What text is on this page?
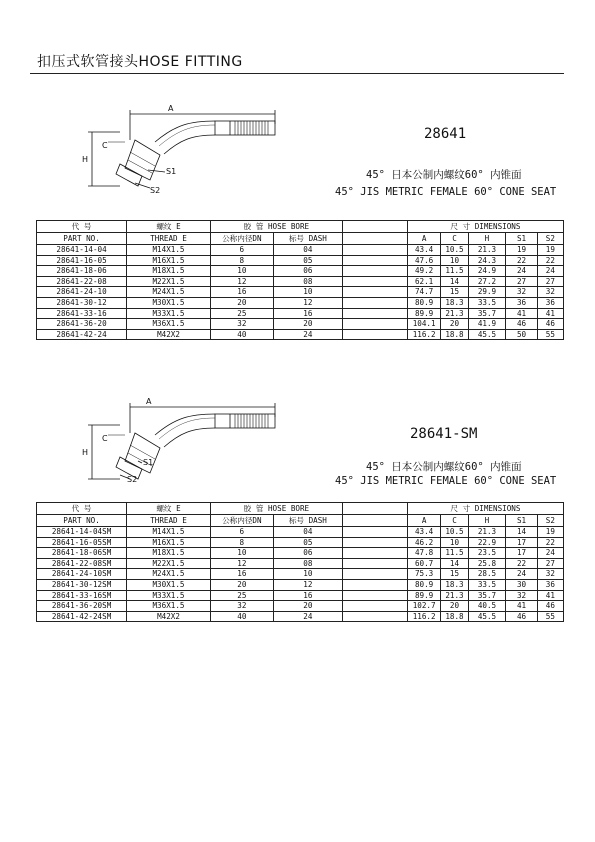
扣压式软管接头HOSE FITTING
A
H
C
S1
S2
28641
45° 日本公制内螺纹60° 内锥面
45° JIS METRIC FEMALE 60° CONE SEAT
代 号	螺纹 E	胶 管 HOSE BORE			尺 寸 DIMENSIONS				
PART NO.	THREAD E	公称内径DN	标号 DASH		A	C	H	S1	S2
28641-14-04	M14X1.5	6	04		43.4	10.5	21.3	19	19
28641-16-05	M16X1.5	8	05		47.6	10	24.3	22	22
28641-18-06	M18X1.5	10	06		49.2	11.5	24.9	24	24
28641-22-08	M22X1.5	12	08		62.1	14	27.2	27	27
28641-24-10	M24X1.5	16	10		74.7	15	29.9	32	32
28641-30-12	M30X1.5	20	12		80.9	18.3	33.5	36	36
28641-33-16	M33X1.5	25	16		89.9	21.3	35.7	41	41
28641-36-20	M36X1.5	32	20		104.1	20	41.9	46	46
28641-42-24	M42X2	40	24		116.2	18.8	45.5	50	55
A
H
C
S1
S2
28641-SM
45° 日本公制内螺纹60° 内锥面
45° JIS METRIC FEMALE 60° CONE SEAT
代 号	螺纹 E	胶 管 HOSE BORE			尺 寸 DIMENSIONS				
PART NO.	THREAD E	公称内径DN	标号 DASH		A	C	H	S1	S2
28641-14-04SM	M14X1.5	6	04		43.4	10.5	21.3	14	19
28641-16-05SM	M16X1.5	8	05		46.2	10	22.9	17	22
28641-18-06SM	M18X1.5	10	06		47.8	11.5	23.5	17	24
28641-22-08SM	M22X1.5	12	08		60.7	14	25.8	22	27
28641-24-10SM	M24X1.5	16	10		75.3	15	28.5	24	32
28641-30-12SM	M30X1.5	20	12		80.9	18.3	33.5	30	36
28641-33-16SM	M33X1.5	25	16		89.9	21.3	35.7	32	41
28641-36-20SM	M36X1.5	32	20		102.7	20	40.5	41	46
28641-42-24SM	M42X2	40	24		116.2	18.8	45.5	46	55
